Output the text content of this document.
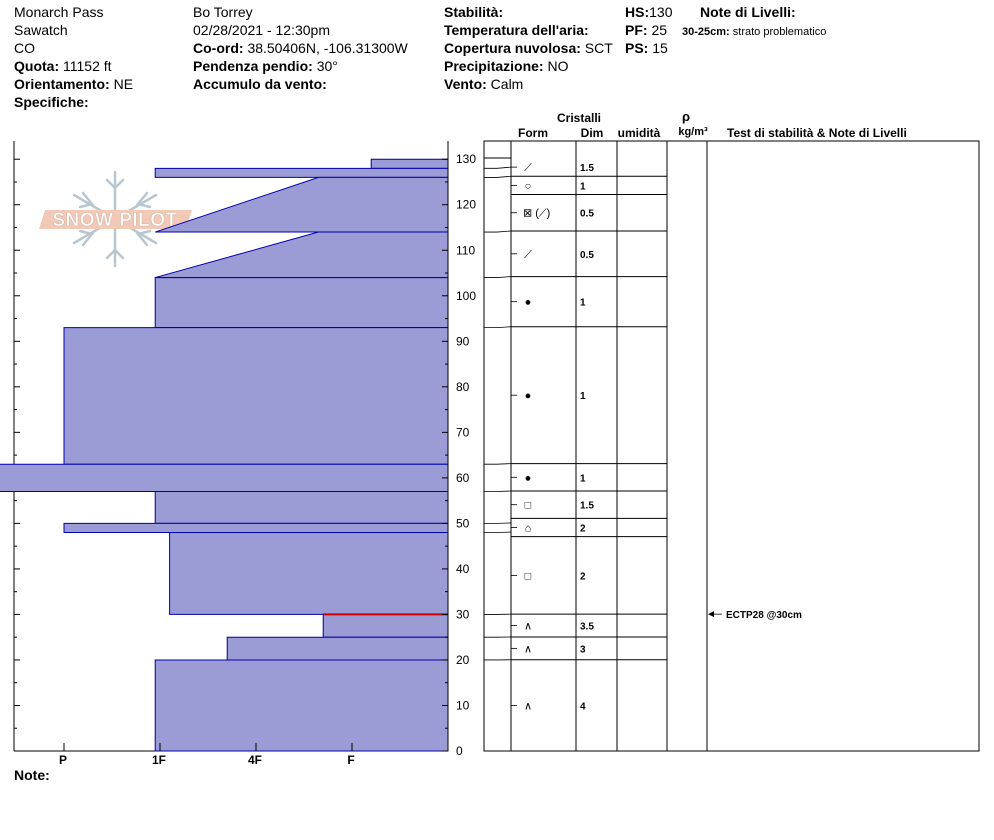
Monarch Pass
Sawatch
CO
Quota: 11152 ft
Orientamento: NE
Specifiche:
Bo Torrey
02/28/2021 - 12:30pm
Co-ord: 38.50406N, -106.31300W
Pendenza pendio: 30°
Accumulo da vento:
Stabilità:
Temperatura dell'aria:
Copertura nuvolosa: SCT
Precipitazione: NO
Vento: Calm
HS:130
PF: 25
PS: 15
Note di Livelli:
30-25cm: strato problematico
Note:
SNOW PILOT
0
10
20
30
40
50
60
70
80
90
100
110
120
130
F
4F
1F
P
Cristalli
Form	Dim umidità
ρ
kg/m³ Test di stabilità & Note di Livelli
⟋	1.5
○	1
⊠ (⟋)	0.5
⟋	0.5
●	1
●	1
●	1
□	1.5
⌂	2
□	2
∧	3.5
∧	3
∧	4
ECTP28 @30cm
